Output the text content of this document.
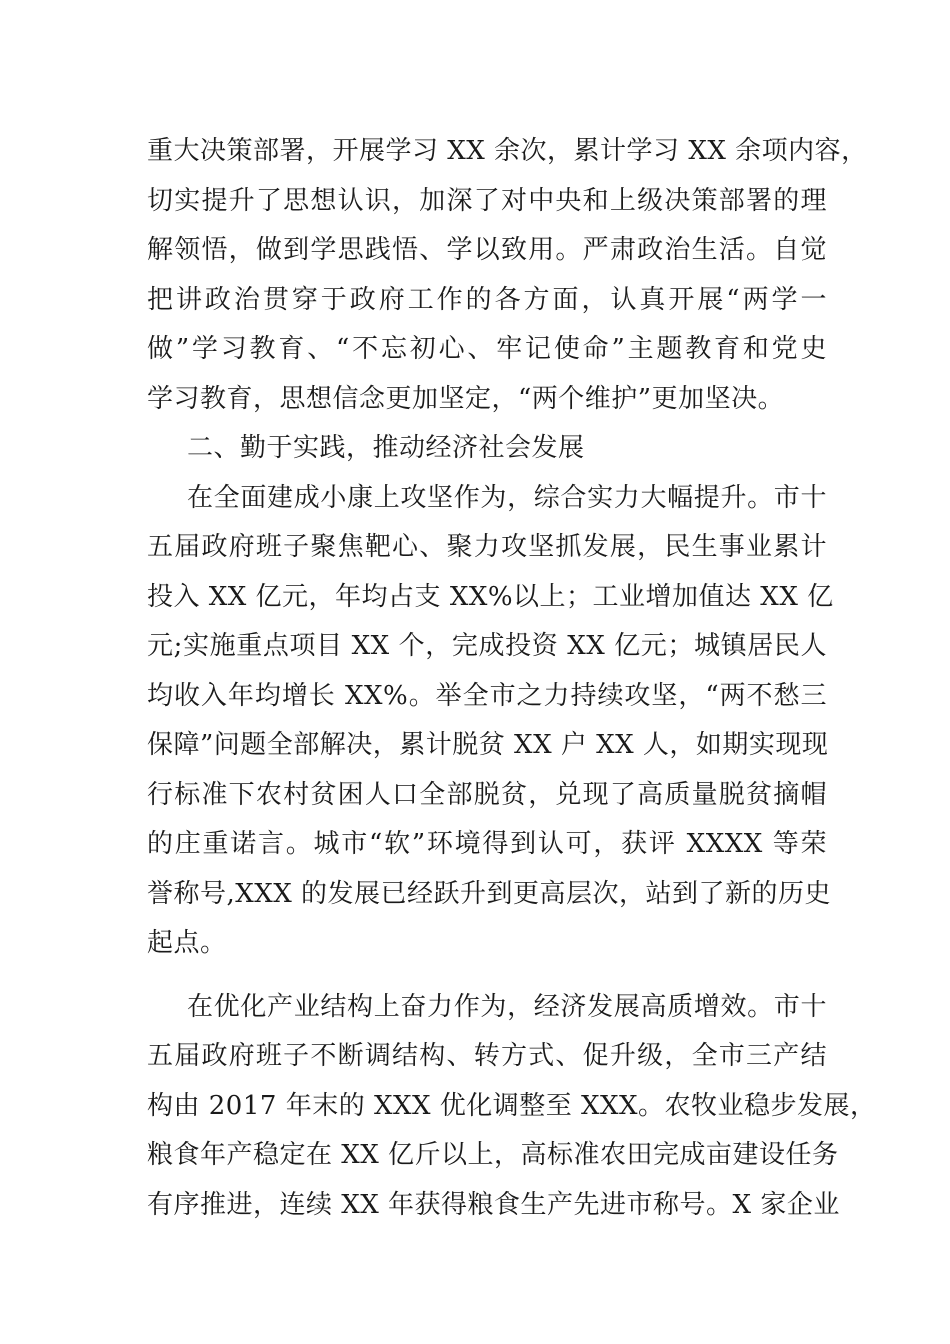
重大决策部署，开展学习 XX 余次，累计学习 XX 余项内容，
切实提升了思想认识，加深了对中央和上级决策部署的理
解领悟，做到学思践悟、学以致用。严肃政治生活。自觉
把讲政治贯穿于政府工作的各方面，认真开展“两学一
做”学习教育、“不忘初心、牢记使命”主题教育和党史
学习教育，思想信念更加坚定，“两个维护”更加坚决。
二、勤于实践，推动经济社会发展
在全面建成小康上攻坚作为，综合实力大幅提升。市十
五届政府班子聚焦靶心、聚力攻坚抓发展，民生事业累计
投入 XX 亿元，年均占支 XX%以上；工业增加值达 XX 亿
元;实施重点项目 XX 个，完成投资 XX 亿元；城镇居民人
均收入年均增长 XX%。举全市之力持续攻坚，“两不愁三
保障”问题全部解决，累计脱贫 XX 户 XX 人，如期实现现
行标准下农村贫困人口全部脱贫，兑现了高质量脱贫摘帽
的庄重诺言。城市“软”环境得到认可，获评 XXXX 等荣
誉称号,XXX 的发展已经跃升到更高层次，站到了新的历史
起点。
在优化产业结构上奋力作为，经济发展高质增效。市十
五届政府班子不断调结构、转方式、促升级，全市三产结
构由 2017 年末的 XXX 优化调整至 XXX。农牧业稳步发展，
粮食年产稳定在 XX 亿斤以上，高标准农田完成亩建设任务
有序推进，连续 XX 年获得粮食生产先进市称号。X 家企业
